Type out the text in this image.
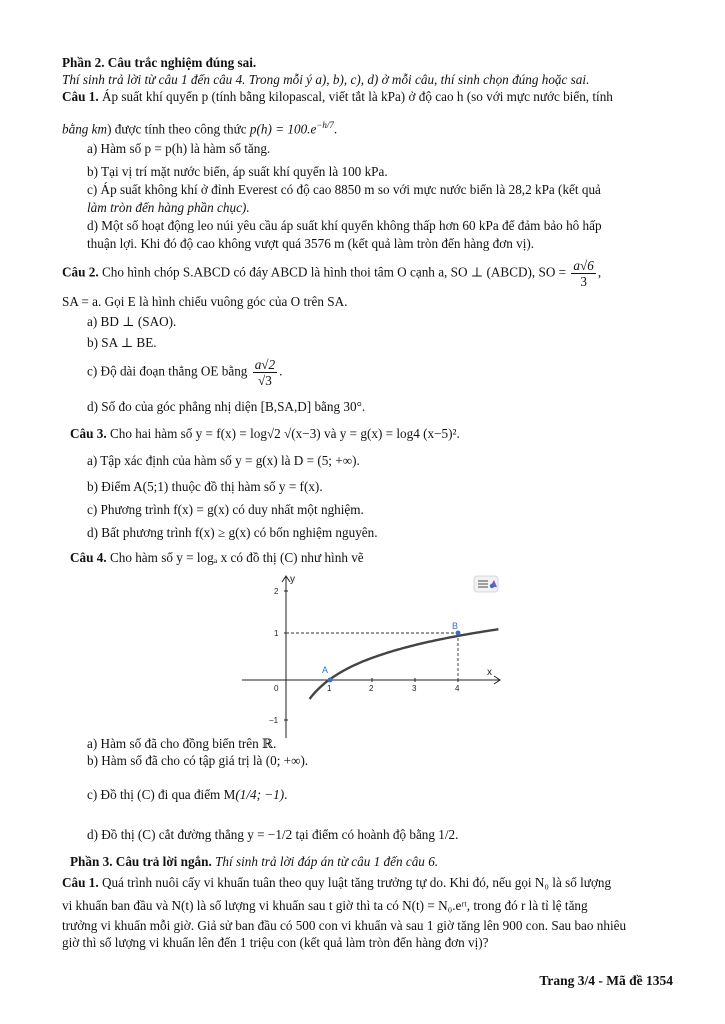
Phần 2. Câu trắc nghiệm đúng sai.
Thí sinh trả lời từ câu 1 đến câu 4. Trong mỗi ý a), b), c), d) ở mỗi câu, thí sinh chọn đúng hoặc sai.
Câu 1. Áp suất khí quyển p (tính bằng kilopascal, viết tắt là kPa) ở độ cao h (so với mực nước biển, tính
bằng km) được tính theo công thức $p(h) = 100.e^{-h/7}$.
a) Hàm số p = p(h) là hàm số tăng.
b) Tại vị trí mặt nước biển, áp suất khí quyển là 100 kPa.
c) Áp suất không khí ở đỉnh Everest có độ cao 8850 m so với mực nước biển là 28,2 kPa (kết quả
làm tròn đến hàng phần chục).
d) Một số hoạt động leo núi yêu cầu áp suất khí quyển không thấp hơn 60 kPa để đảm bảo hô hấp
thuận lợi. Khi đó độ cao không vượt quá 3576 m (kết quả làm tròn đến hàng đơn vị).
Câu 2. Cho hình chóp S.ABCD có đáy ABCD là hình thoi tâm O cạnh a, SO ⊥ (ABCD), SO = $\frac{a√6}{3}$ ,
SA = a. Gọi E là hình chiếu vuông góc của O trên SA.
a) BD ⊥ (SAO).
b) SA ⊥ BE.
c) Độ dài đoạn thẳng OE bằng $\frac{a√2}{√3}$ .
d) Số đo của góc phẳng nhị diện [B,SA,D] bằng 30°.
Câu 3. Cho hai hàm số y = f(x) = log√2 √(x−3) và y = g(x) = log4 (x−5)².
a) Tập xác định của hàm số y = g(x) là D = (5; +∞).
b) Điểm A(5;1) thuộc đồ thị hàm số y = f(x).
c) Phương trình f(x) = g(x) có duy nhất một nghiệm.
d) Bất phương trình f(x) ≥ g(x) có bốn nghiệm nguyên.
Câu 4. Cho hàm số y = logₐ x có đồ thị (C) như hình vẽ
0	1	2	3	4
2
1
−1
x
y
A
B
a) Hàm số đã cho đồng biến trên ℝ.
b) Hàm số đã cho có tập giá trị là (0; +∞).
c) Đồ thị (C) đi qua điểm M(1/4; −1).
d) Đồ thị (C) cắt đường thẳng y = −1/2 tại điểm có hoành độ bằng 1/2.
Phần 3. Câu trả lời ngắn. Thí sinh trả lời đáp án từ câu 1 đến câu 6.
Câu 1. Quá trình nuôi cấy vi khuẩn tuân theo quy luật tăng trưởng tự do. Khi đó, nếu gọi N₀ là số lượng
vi khuẩn ban đầu và N(t) là số lượng vi khuẩn sau t giờ thì ta có N(t) = N₀.eʳᵗ, trong đó r là tỉ lệ tăng
trưởng vi khuẩn mỗi giờ. Giả sử ban đầu có 500 con vi khuẩn và sau 1 giờ tăng lên 900 con. Sau bao nhiêu
giờ thì số lượng vi khuẩn lên đến 1 triệu con (kết quả làm tròn đến hàng đơn vị)?
Trang 3/4 - Mã đề 1354
